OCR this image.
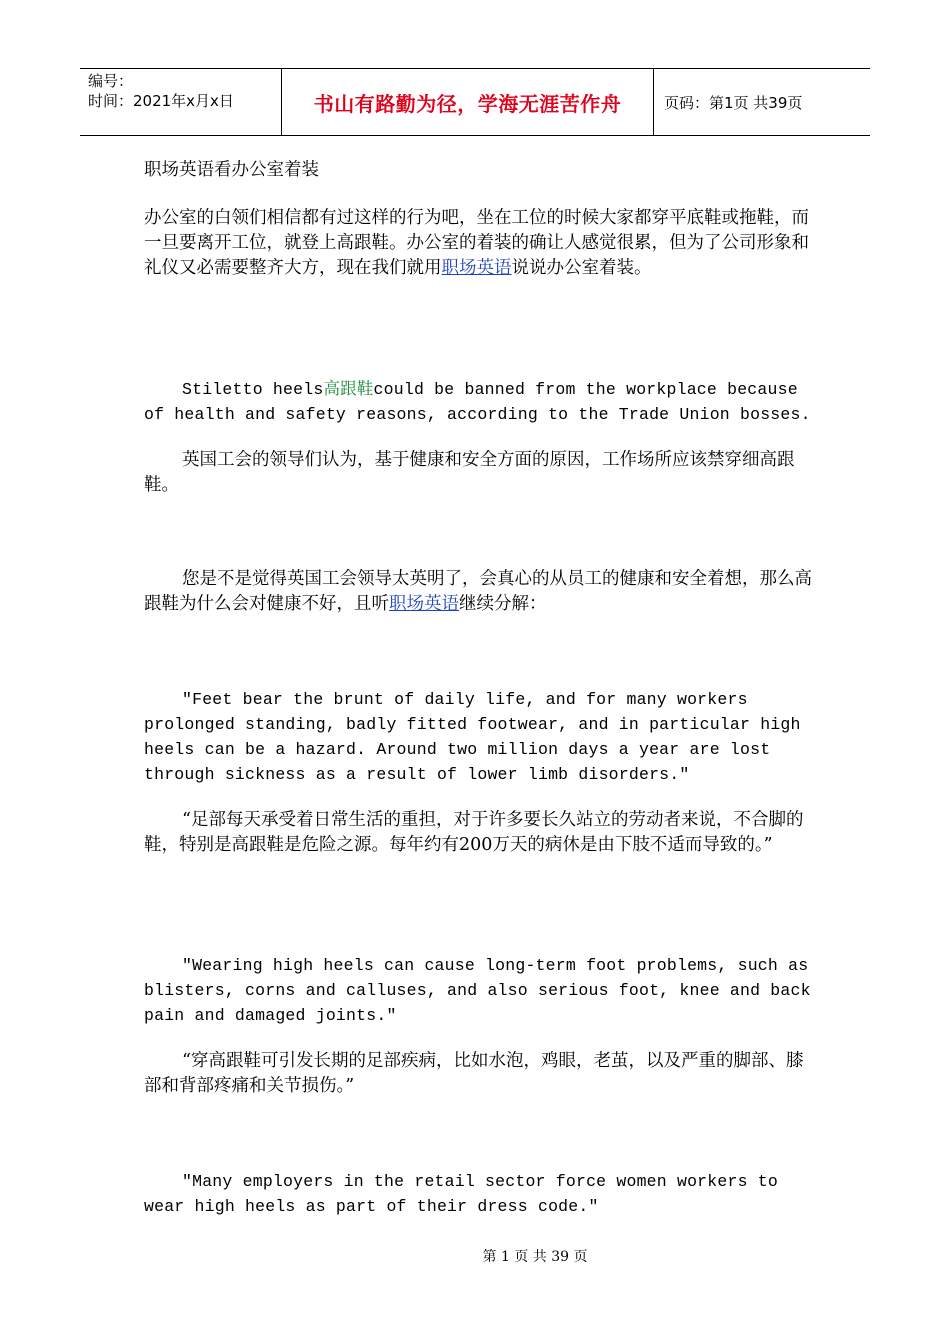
编号：
时间：2021年x月x日	书山有路勤为径，学海无涯苦作舟	页码：第1页 共39页

职场英语看办公室着装

办公室的白领们相信都有过这样的行为吧，坐在工位的时候大家都穿平底鞋或拖鞋，而一旦要离开工位，就登上高跟鞋。办公室的着装的确让人感觉很累，但为了公司形象和礼仪又必需要整齐大方，现在我们就用职场英语说说办公室着装。

Stiletto heels高跟鞋could be banned from the workplace because of health and safety reasons, according to the Trade Union bosses.

英国工会的领导们认为，基于健康和安全方面的原因，工作场所应该禁穿细高跟鞋。

您是不是觉得英国工会领导太英明了，会真心的从员工的健康和安全着想，那么高跟鞋为什么会对健康不好，且听职场英语继续分解：

"Feet bear the brunt of daily life, and for many workers prolonged standing, badly fitted footwear, and in particular high heels can be a hazard. Around two million days a year are lost through sickness as a result of lower limb disorders."

“足部每天承受着日常生活的重担，对于许多要长久站立的劳动者来说，不合脚的鞋，特别是高跟鞋是危险之源。每年约有200万天的病休是由下肢不适而导致的。”

"Wearing high heels can cause long-term foot problems, such as blisters, corns and calluses, and also serious foot, knee and back pain and damaged joints."

“穿高跟鞋可引发长期的足部疾病，比如水泡，鸡眼，老茧，以及严重的脚部、膝部和背部疼痛和关节损伤。”

"Many employers in the retail sector force women workers to wear high heels as part of their dress code."

第 1 页 共 39 页
